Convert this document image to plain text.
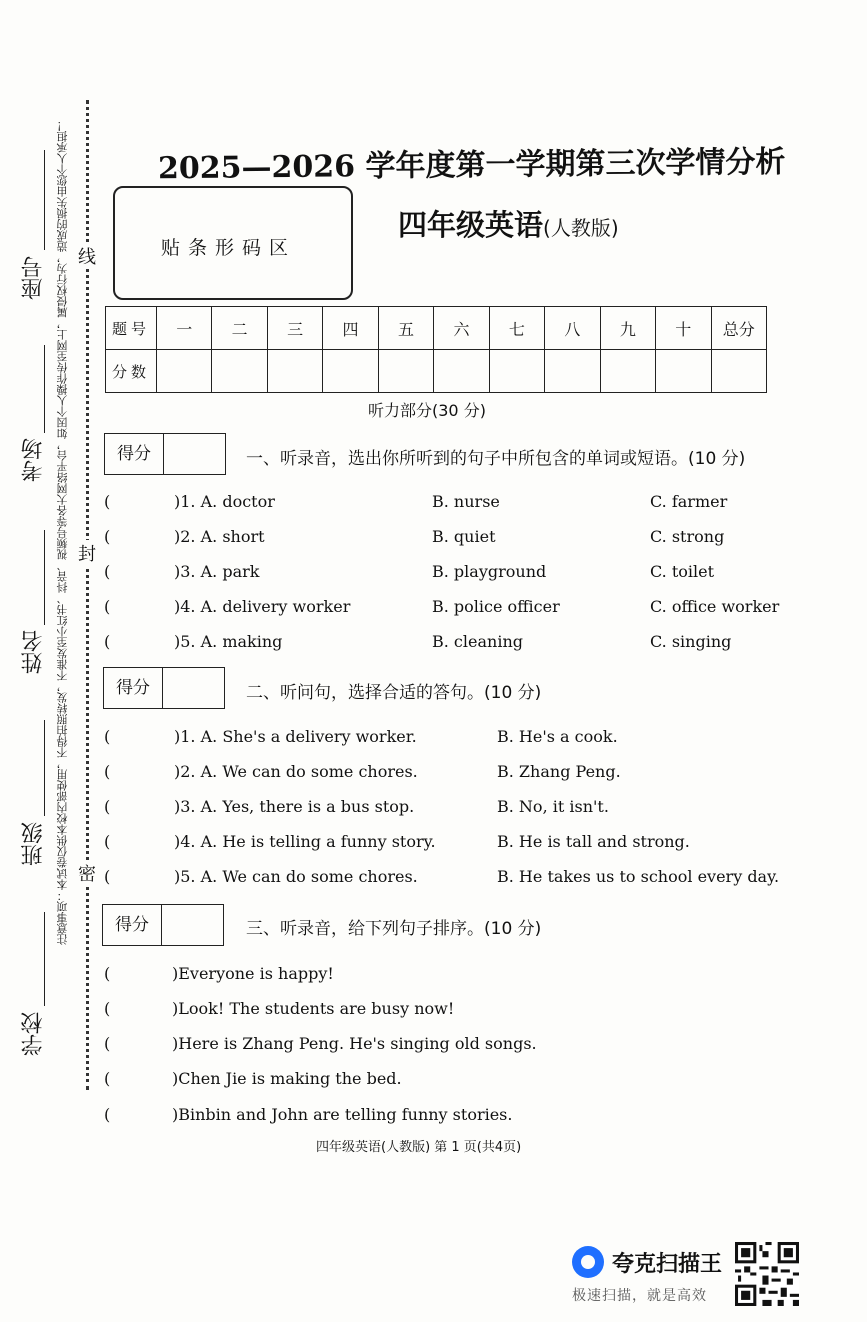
座号
考场
姓名
班级
学校
注意事项：本试卷仅供本校内部使用，不得拍照转发，不准发至小红书、抖音、视频号等各大网络平台，如因个人操作传至网上，属侵权行为，造成的损失由您个人承担！ 线
封
密
2025—2026 学年度第一学期第三次学情分析
贴条形码区
四年级英语(人教版)
题号	一	二	三	四	五	六	七	八	九	十	总分
分数											
听力部分(30 分)
得分	一、听录音，选出你所听到的句子中所包含的单词或短语。(10 分)
(	)1. A. doctor	B. nurse	C. farmer
(	)2. A. short	B. quiet	C. strong
(	)3. A. park	B. playground	C. toilet
(	)4. A. delivery worker	B. police officer	C. office worker
(	)5. A. making	B. cleaning	C. singing
得分	二、听问句，选择合适的答句。(10 分)
(	)1. A. She's a delivery worker.	B. He's a cook.
(	)2. A. We can do some chores.	B. Zhang Peng.
(	)3. A. Yes, there is a bus stop.	B. No, it isn't.
(	)4. A. He is telling a funny story.	B. He is tall and strong.
(	)5. A. We can do some chores.	B. He takes us to school every day.
得分	三、听录音，给下列句子排序。(10 分)
(	)Everyone is happy!
(	)Look! The students are busy now!
(	)Here is Zhang Peng. He's singing old songs.
(	)Chen Jie is making the bed.
(	)Binbin and John are telling funny stories.
四年级英语(人教版) 第 1 页(共4页)
夸克扫描王
极速扫描，就是高效
